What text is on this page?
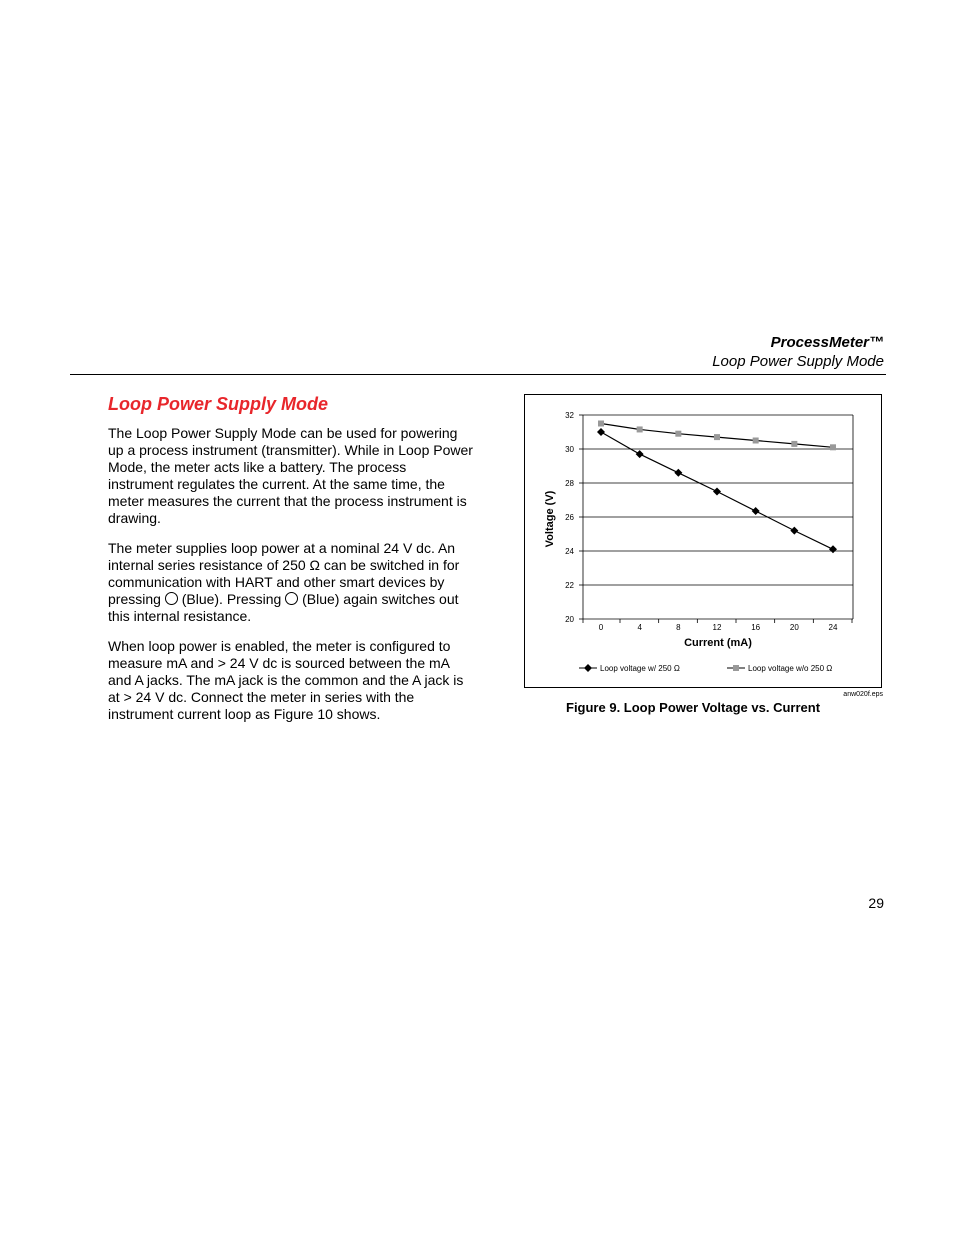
ProcessMeter™
Loop Power Supply Mode
Loop Power Supply Mode

The Loop Power Supply Mode can be used for powering up a process instrument (transmitter). While in Loop Power Mode, the meter acts like a battery. The process instrument regulates the current. At the same time, the meter measures the current that the process instrument is drawing.

The meter supplies loop power at a nominal 24 V dc. An internal series resistance of 250 Ω can be switched in for communication with HART and other smart devices by pressing  (Blue). Pressing  (Blue) again switches out this internal resistance.

When loop power is enabled, the meter is configured to measure mA and > 24 V dc is sourced between the mA and A jacks. The mA jack is the common and the A jack is at > 24 V dc. Connect the meter in series with the instrument current loop as Figure 10 shows.

20
22
24
26
28
30
32
0	4	8	12	16	20	24
Current (mA)
Voltage (V)
Loop voltage w/ 250 Ω	Loop voltage w/o 250 Ω
anw020f.eps
Figure 9. Loop Power Voltage vs. Current
29
